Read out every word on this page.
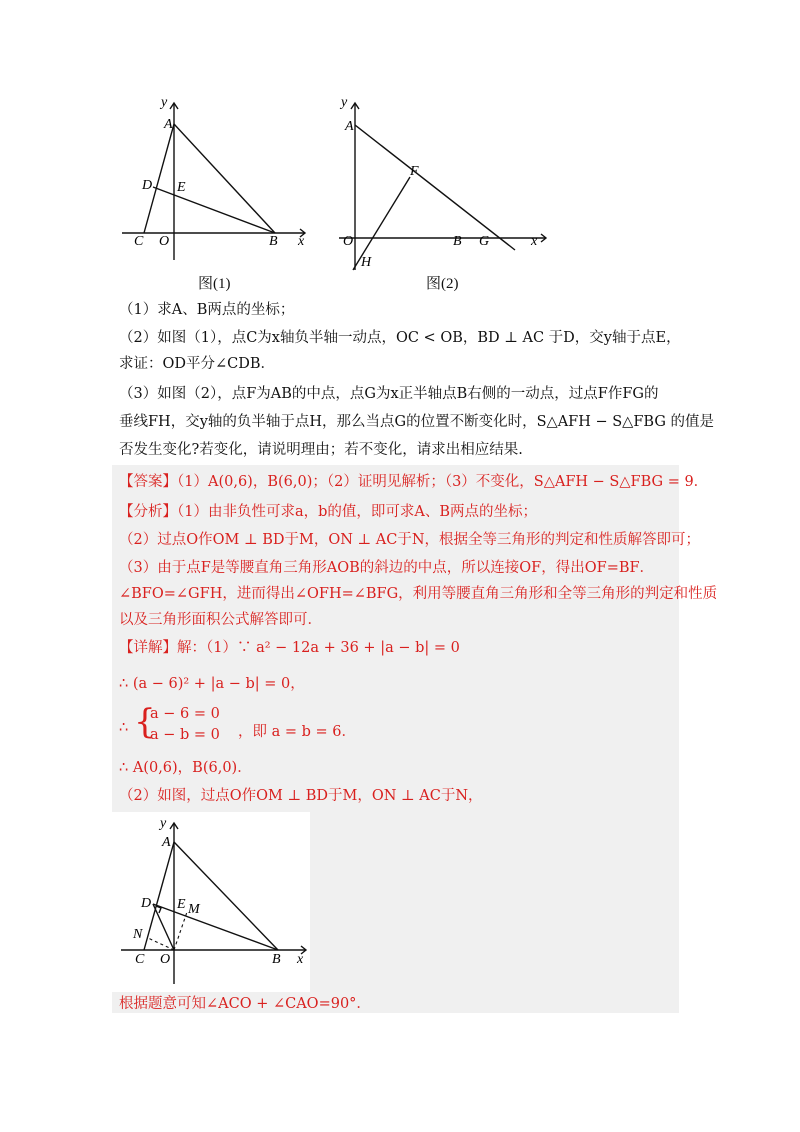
y
A
D E
C O	B x
图(1)
y
A
F
O	B G	x
H
图(2)
（1）求A、B两点的坐标；
（2）如图（1），点C为x轴负半轴一动点，OC < OB，BD ⊥ AC 于D，交y轴于点E，
求证：OD平分∠CDB．
（3）如图（2），点F为AB的中点，点G为x正半轴点B右侧的一动点，过点F作FG的
垂线FH，交y轴的负半轴于点H，那么当点G的位置不断变化时，S△AFH − S△FBG 的值是
否发生变化?若变化，请说明理由；若不变化，请求出相应结果.
【答案】（1）A(0,6)，B(6,0)；（2）证明见解析；（3）不变化，S△AFH − S△FBG = 9．
【分析】（1）由非负性可求a，b的值，即可求A、B两点的坐标；
（2）过点O作OM ⊥ BD于M，ON ⊥ AC于N，根据全等三角形的判定和性质解答即可；
（3）由于点F是等腰直角三角形AOB的斜边的中点，所以连接OF，得出OF=BF．
∠BFO=∠GFH，进而得出∠OFH=∠BFG，利用等腰直角三角形和全等三角形的判定和性质
以及三角形面积公式解答即可．
【详解】解：（1）∵ a² − 12a + 36 + |a − b| = 0
∴ (a − 6)² + |a − b| = 0，
∴ {
a − 6 = 0
a − b = 0 ，即 a = b = 6．
∴ A(0,6)，B(6,0)．
（2）如图，过点O作OM ⊥ BD于M，ON ⊥ AC于N，
y
A
D E M
N
C O	B x
根据题意可知∠ACO + ∠CAO=90°．
